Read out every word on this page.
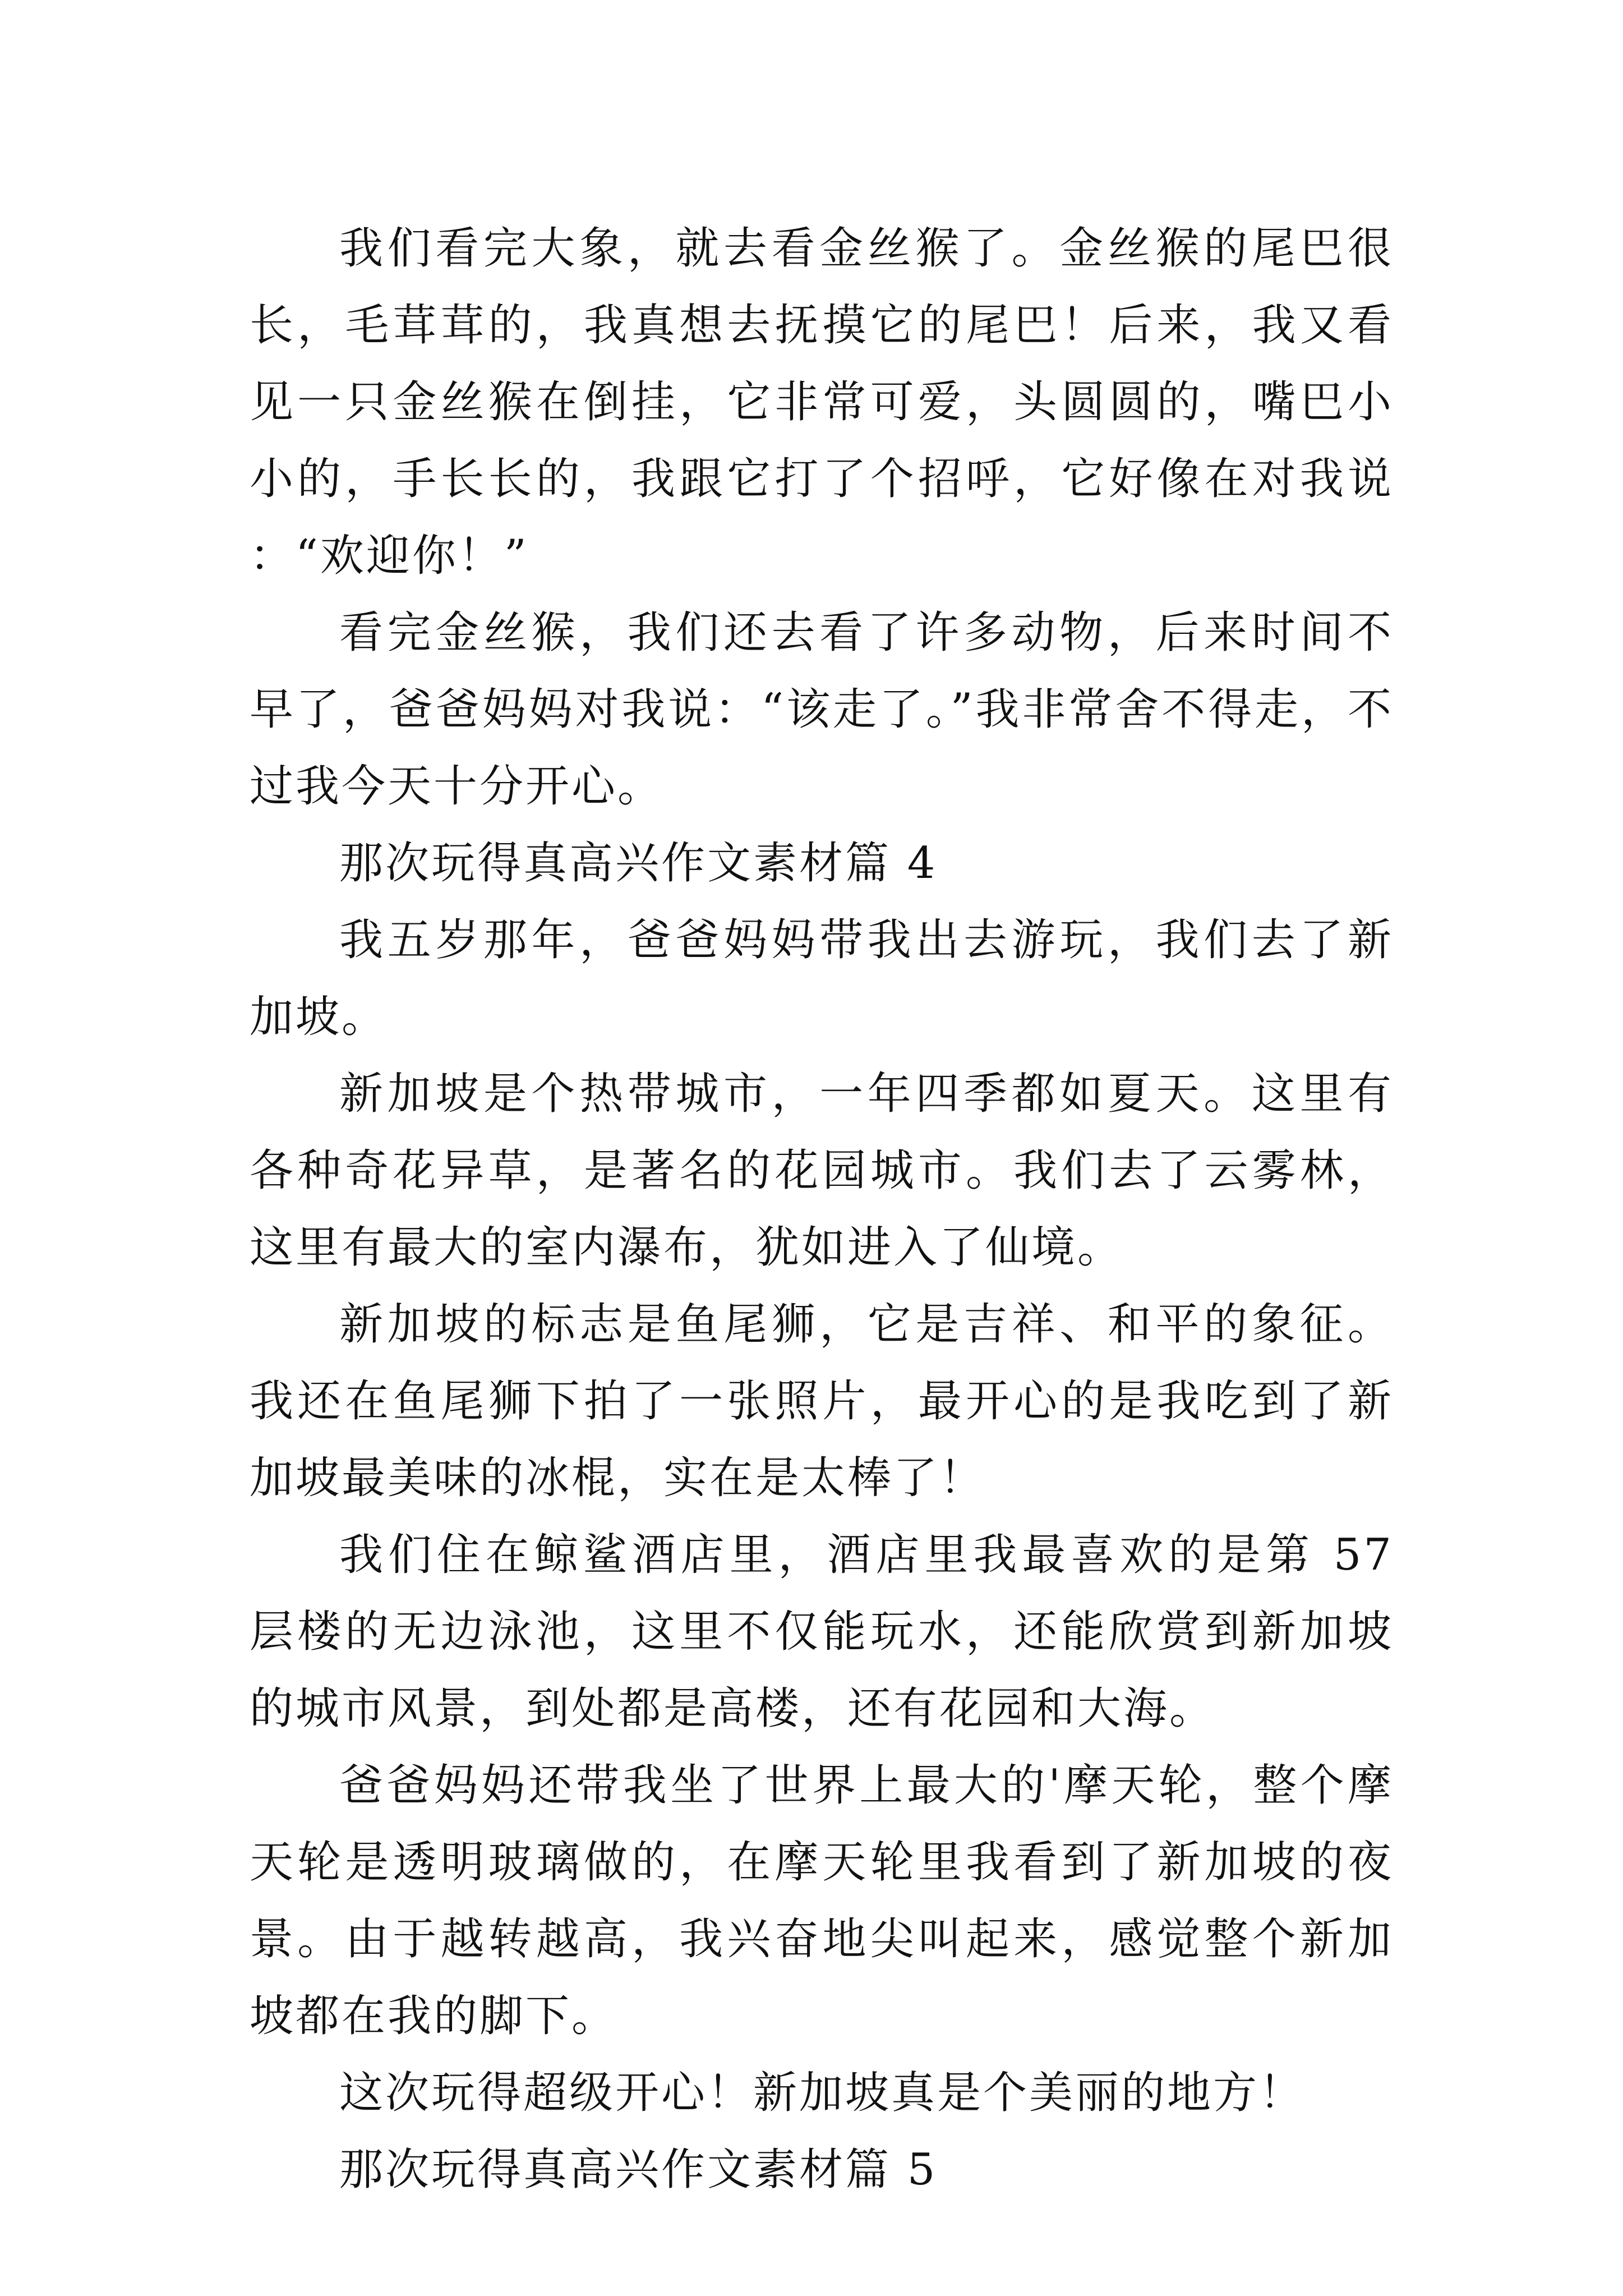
我们看完大象，就去看金丝猴了。金丝猴的尾巴很长，毛茸茸的，我真想去抚摸它的尾巴！后来，我又看见一只金丝猴在倒挂，它非常可爱，头圆圆的，嘴巴小小的，手长长的，我跟它打了个招呼，它好像在对我说：“欢迎你！”

看完金丝猴，我们还去看了许多动物，后来时间不早了，爸爸妈妈对我说：“该走了。”我非常舍不得走，不过我今天十分开心。

那次玩得真高兴作文素材篇 4

我五岁那年，爸爸妈妈带我出去游玩，我们去了新加坡。

新加坡是个热带城市，一年四季都如夏天。这里有各种奇花异草，是著名的花园城市。我们去了云雾林，这里有最大的室内瀑布，犹如进入了仙境。

新加坡的标志是鱼尾狮，它是吉祥、和平的象征。我还在鱼尾狮下拍了一张照片，最开心的是我吃到了新加坡最美味的冰棍，实在是太棒了！

我们住在鲸鲨酒店里，酒店里我最喜欢的是第 57 层楼的无边泳池，这里不仅能玩水，还能欣赏到新加坡的城市风景，到处都是高楼，还有花园和大海。

爸爸妈妈还带我坐了世界上最大的'摩天轮，整个摩天轮是透明玻璃做的，在摩天轮里我看到了新加坡的夜景。由于越转越高，我兴奋地尖叫起来，感觉整个新加坡都在我的脚下。

这次玩得超级开心！新加坡真是个美丽的地方！

那次玩得真高兴作文素材篇 5
